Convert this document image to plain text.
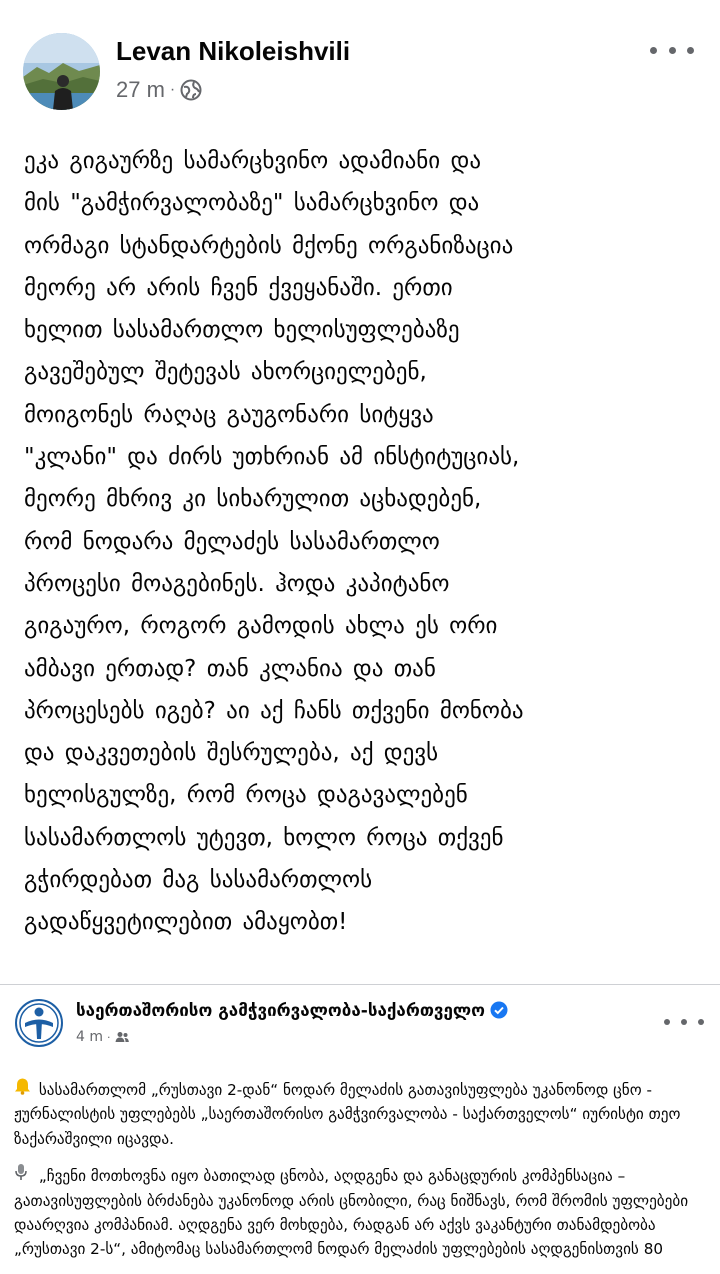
Levan Nikoleishvili
27 m ·
ეკა გიგაურზე სამარცხვინო ადამიანი და
მის "გამჭირვალობაზე" სამარცხვინო და
ორმაგი სტანდარტების მქონე ორგანიზაცია
მეორე არ არის ჩვენ ქვეყანაში. ერთი
ხელით სასამართლო ხელისუფლებაზე
გავეშებულ შეტევას ახორციელებენ,
მოიგონეს რაღაც გაუგონარი სიტყვა
"კლანი" და ძირს უთხრიან ამ ინსტიტუციას,
მეორე მხრივ კი სიხარულით აცხადებენ,
რომ ნოდარა მელაძეს სასამართლო
პროცესი მოაგებინეს. ჰოდა კაპიტანო
გიგაურო, როგორ გამოდის ახლა ეს ორი
ამბავი ერთად? თან კლანია და თან
პროცესებს იგებ? აი აქ ჩანს თქვენი მონობა
და დაკვეთების შესრულება, აქ დევს
ხელისგულზე, რომ როცა დაგავალებენ
სასამართლოს უტევთ, ხოლო როცა თქვენ
გჭირდებათ მაგ სასამართლოს
გადაწყვეტილებით ამაყობთ!
საერთაშორისო გამჭვირვალობა-საქართველო
4 m ·

სასამართლომ „რუსთავი 2-დან“ ნოდარ მელაძის გათავისუფლება უკანონოდ ცნო - ჟურნალისტის უფლებებს „საერთაშორისო გამჭვირვალობა - საქართველოს“ იურისტი თეო ზაქარაშვილი იცავდა.

„ჩვენი მოთხოვნა იყო ბათილად ცნობა, აღდგენა და განაცდურის კომპენსაცია – გათავისუფლების ბრძანება უკანონოდ არის ცნობილი, რაც ნიშნავს, რომ შრომის უფლებები დაარღვია კომპანიამ. აღდგენა ვერ მოხდება, რადგან არ აქვს ვაკანტური თანამდებობა „რუსთავი 2-ს“, ამიტომაც სასამართლომ ნოდარ მელაძის უფლებების აღდგენისთვის 80
